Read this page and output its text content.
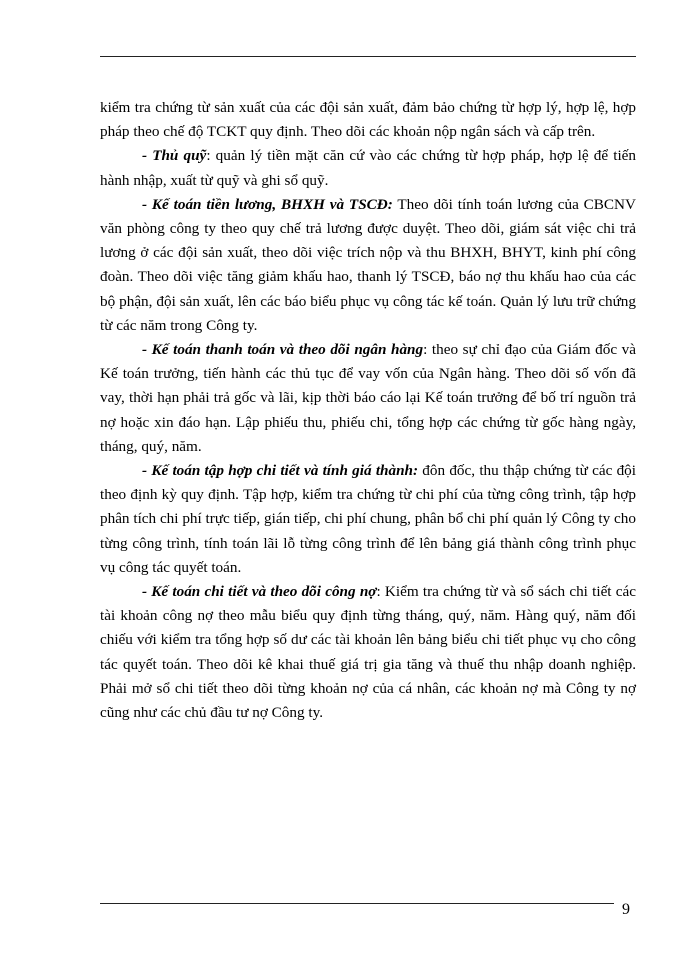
kiểm tra chứng từ sản xuất của các đội sản xuất, đảm bảo chứng từ hợp lý, hợp lệ, hợp pháp theo chế độ TCKT quy định. Theo dõi các khoản nộp ngân sách và cấp trên.

- Thủ quỹ: quản lý tiền mặt căn cứ vào các chứng từ hợp pháp, hợp lệ để tiến hành nhập, xuất từ quỹ và ghi sổ quỹ.

- Kế toán tiền lương, BHXH và TSCĐ: Theo dõi tính toán lương của CBCNV văn phòng công ty theo quy chế trả lương được duyệt. Theo dõi, giám sát việc chi trả lương ở các đội sản xuất, theo dõi việc trích nộp và thu BHXH, BHYT, kinh phí công đoàn. Theo dõi việc tăng giảm khấu hao, thanh lý TSCĐ, báo nợ thu khấu hao của các bộ phận, đội sản xuất, lên các báo biểu phục vụ công tác kế toán. Quản lý lưu trữ chứng từ các năm trong Công ty.

- Kế toán thanh toán và theo dõi ngân hàng: theo sự chỉ đạo của Giám đốc và Kế toán trưởng, tiến hành các thủ tục để vay vốn của Ngân hàng. Theo dõi số vốn đã vay, thời hạn phải trả gốc và lãi, kịp thời báo cáo lại Kế toán trưởng để bố trí nguồn trả nợ hoặc xin đáo hạn. Lập phiếu thu, phiếu chi, tổng hợp các chứng từ gốc hàng ngày, tháng, quý, năm.

- Kế toán tập hợp chi tiết và tính giá thành: đôn đốc, thu thập chứng từ các đội theo định kỳ quy định. Tập hợp, kiểm tra chứng từ chi phí của từng công trình, tập hợp phân tích chi phí trực tiếp, gián tiếp, chi phí chung, phân bổ chi phí quản lý Công ty cho từng công trình, tính toán lãi lỗ từng công trình để lên bảng giá thành công trình phục vụ công tác quyết toán.

- Kế toán chi tiết và theo dõi công nợ: Kiểm tra chứng từ và sổ sách chi tiết các tài khoản công nợ theo mẫu biểu quy định từng tháng, quý, năm. Hàng quý, năm đối chiếu với kiểm tra tổng hợp số dư các tài khoản lên bảng biểu chi tiết phục vụ cho công tác quyết toán. Theo dõi kê khai thuế giá trị gia tăng và thuế thu nhập doanh nghiệp. Phải mở sổ chi tiết theo dõi từng khoản nợ của cá nhân, các khoản nợ mà Công ty nợ cũng như các chủ đầu tư nợ Công ty.

9
